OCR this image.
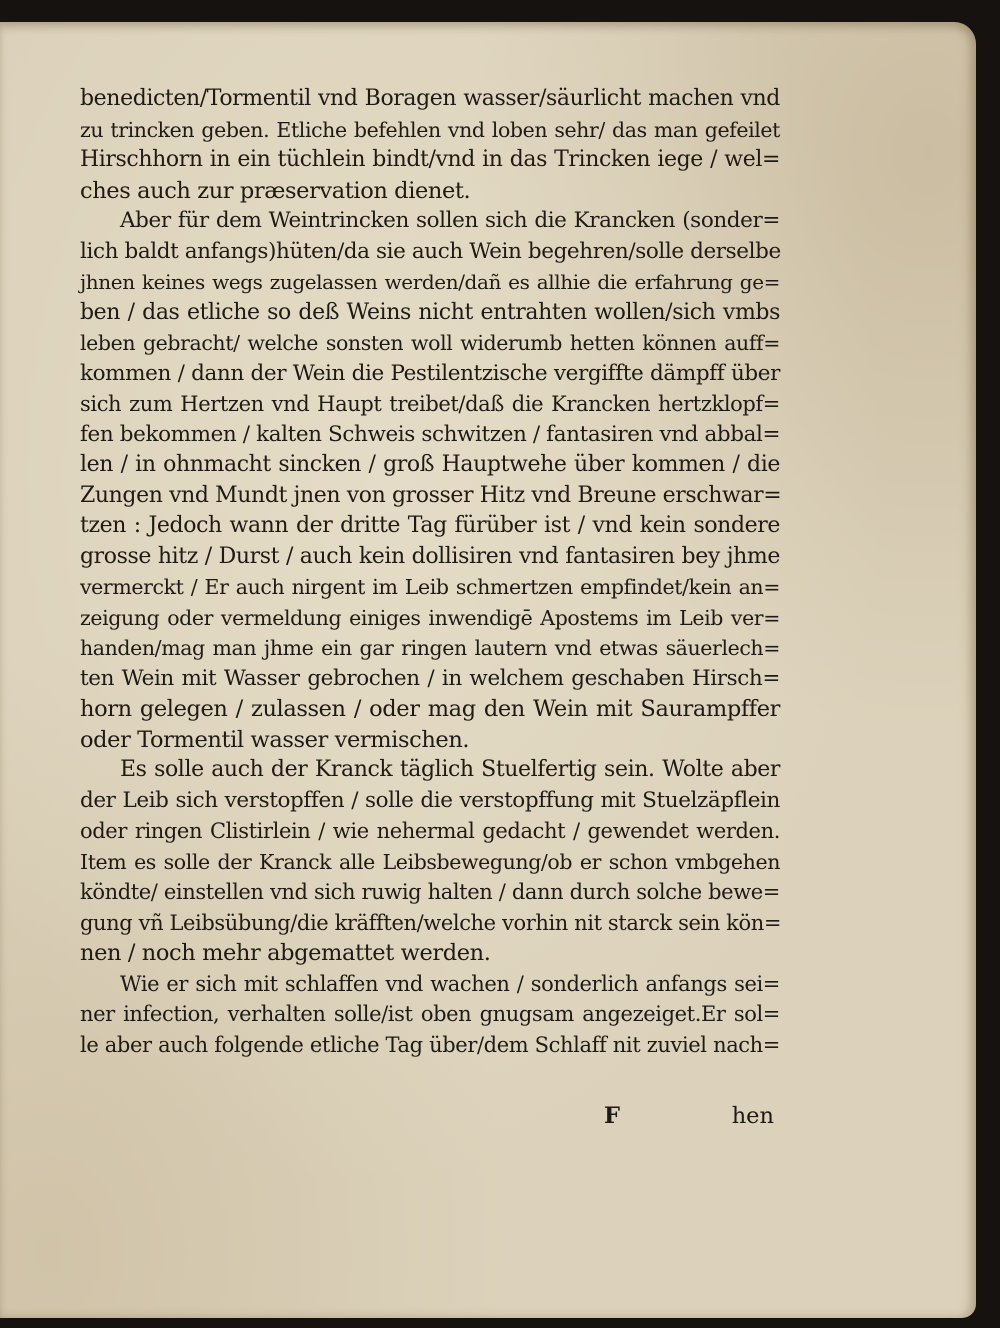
benedicten/Tormentil vnd Boragen wasser/säurlicht machen vnd
zu trincken geben. Etliche befehlen vnd loben sehr/ das man gefeilet
Hirschhorn in ein tüchlein bindt/vnd in das Trincken iege / wel=
ches auch zur præservation dienet.
Aber für dem Weintrincken sollen sich die Krancken (sonder=
lich baldt anfangs)hüten/da sie auch Wein begehren/solle derselbe
jhnen keines wegs zugelassen werden/dañ es allhie die erfahrung ge=
ben / das etliche so deß Weins nicht entrahten wollen/sich vmbs
leben gebracht/ welche sonsten woll widerumb hetten können auff=
kommen / dann der Wein die Pestilentzische vergiffte dämpff über
sich zum Hertzen vnd Haupt treibet/daß die Krancken hertzklopf=
fen bekommen / kalten Schweis schwitzen / fantasiren vnd abbal=
len / in ohnmacht sincken / groß Hauptwehe über kommen / die
Zungen vnd Mundt jnen von grosser Hitz vnd Breune erschwar=
tzen : Jedoch wann der dritte Tag fürüber ist / vnd kein sondere
grosse hitz / Durst / auch kein dollisiren vnd fantasiren bey jhme
vermerckt / Er auch nirgent im Leib schmertzen empfindet/kein an=
zeigung oder vermeldung einiges inwendigē Apostems im Leib ver=
handen/mag man jhme ein gar ringen lautern vnd etwas säuerlech=
ten Wein mit Wasser gebrochen / in welchem geschaben Hirsch=
horn gelegen / zulassen / oder mag den Wein mit Saurampffer
oder Tormentil wasser vermischen.
Es solle auch der Kranck täglich Stuelfertig sein. Wolte aber
der Leib sich verstopffen / solle die verstopffung mit Stuelzäpflein
oder ringen Clistirlein / wie nehermal gedacht / gewendet werden.
Item es solle der Kranck alle Leibsbewegung/ob er schon vmbgehen
köndte/ einstellen vnd sich ruwig halten / dann durch solche bewe=
gung vñ Leibsübung/die kräfften/welche vorhin nit starck sein kön=
nen / noch mehr abgemattet werden.
Wie er sich mit schlaffen vnd wachen / sonderlich anfangs sei=
ner infection, verhalten solle/ist oben gnugsam angezeiget.Er sol=
le aber auch folgende etliche Tag über/dem Schlaff nit zuviel nach=
F	hen
